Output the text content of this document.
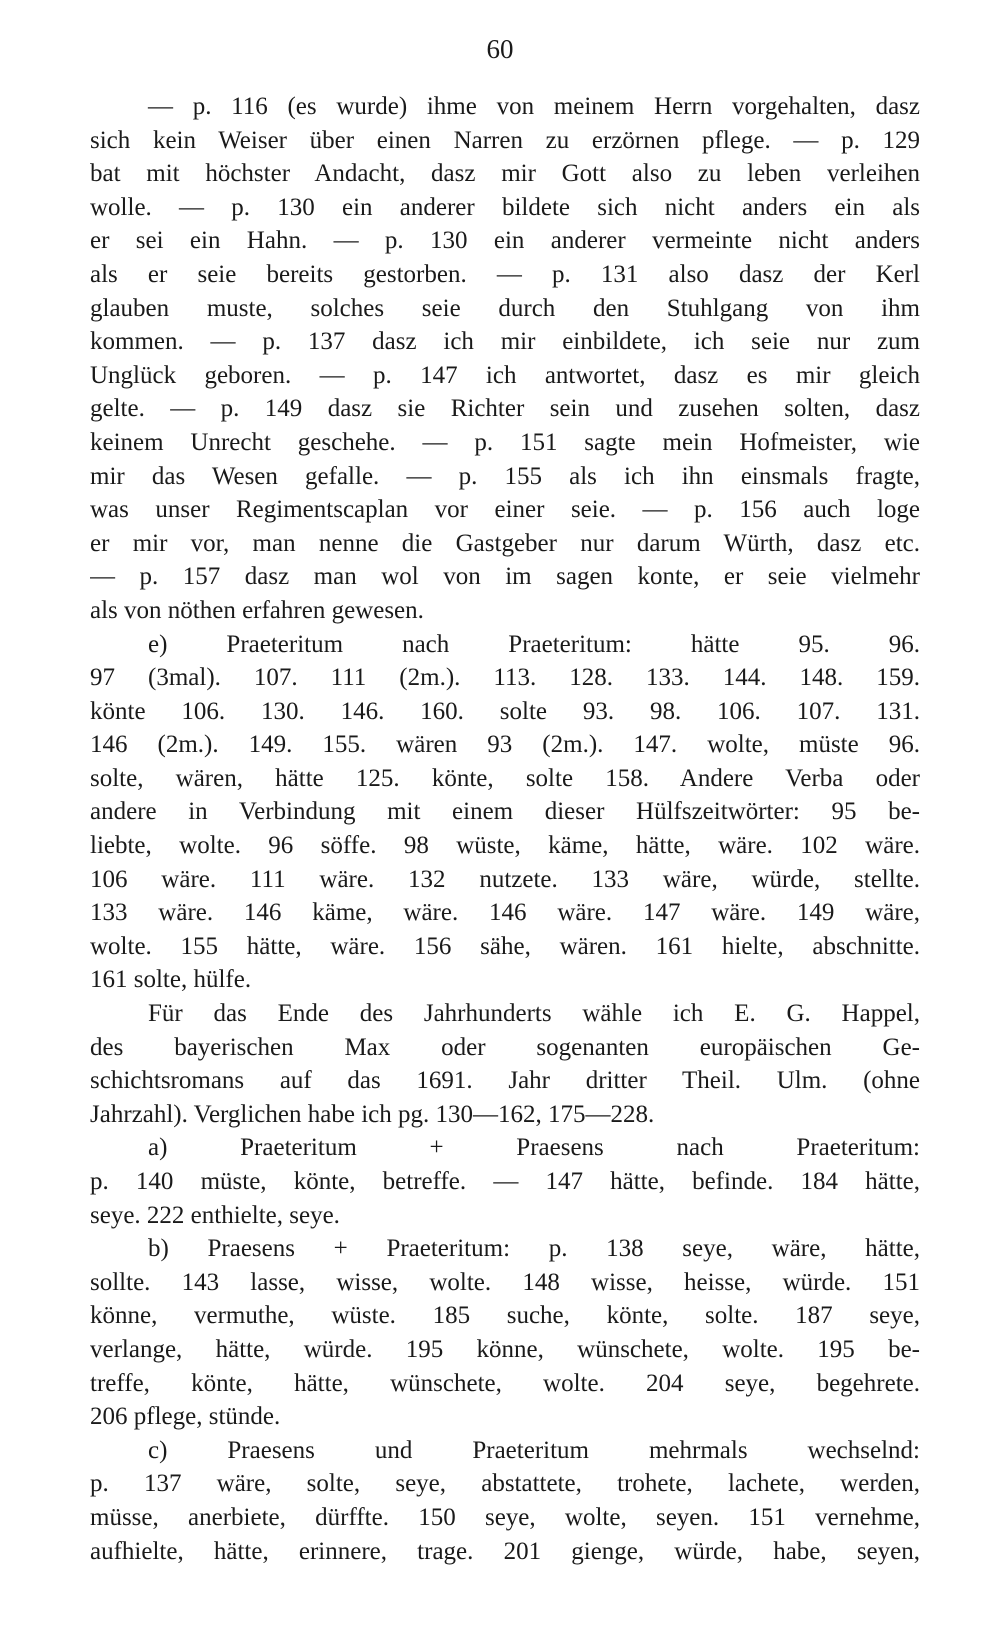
60
— p. 116 (es wurde) ihme von meinem Herrn vorgehalten, dasz
sich kein Weiser über einen Narren zu erzörnen pflege. — p. 129
bat mit höchster Andacht, dasz mir Gott also zu leben verleihen
wolle. — p. 130 ein anderer bildete sich nicht anders ein als
er sei ein Hahn. — p. 130 ein anderer vermeinte nicht anders
als er seie bereits gestorben. — p. 131 also dasz der Kerl
glauben muste, solches seie durch den Stuhlgang von ihm
kommen. — p. 137 dasz ich mir einbildete, ich seie nur zum
Unglück geboren. — p. 147 ich antwortet, dasz es mir gleich
gelte. — p. 149 dasz sie Richter sein und zusehen solten, dasz
keinem Unrecht geschehe. — p. 151 sagte mein Hofmeister, wie
mir das Wesen gefalle. — p. 155 als ich ihn einsmals fragte,
was unser Regimentscaplan vor einer seie. — p. 156 auch loge
er mir vor, man nenne die Gastgeber nur darum Würth, dasz etc.
— p. 157 dasz man wol von im sagen konte, er seie vielmehr
als von nöthen erfahren gewesen.
e) Praeteritum nach Praeteritum: hätte 95. 96.
97 (3mal). 107. 111 (2m.). 113. 128. 133. 144. 148. 159.
könte 106. 130. 146. 160. solte 93. 98. 106. 107. 131.
146 (2m.). 149. 155. wären 93 (2m.). 147. wolte, müste 96.
solte, wären, hätte 125. könte, solte 158. Andere Verba oder
andere in Verbindung mit einem dieser Hülfszeitwörter: 95 be-
liebte, wolte. 96 söffe. 98 wüste, käme, hätte, wäre. 102 wäre.
106 wäre. 111 wäre. 132 nutzete. 133 wäre, würde, stellte.
133 wäre. 146 käme, wäre. 146 wäre. 147 wäre. 149 wäre,
wolte. 155 hätte, wäre. 156 sähe, wären. 161 hielte, abschnitte.
161 solte, hülfe.
Für das Ende des Jahrhunderts wähle ich E. G. Happel,
des bayerischen Max oder sogenanten europäischen Ge-
schichtsromans auf das 1691. Jahr dritter Theil. Ulm. (ohne
Jahrzahl). Verglichen habe ich pg. 130—162, 175—228.
a) Praeteritum + Praesens nach Praeteritum:
p. 140 müste, könte, betreffe. — 147 hätte, befinde. 184 hätte,
seye. 222 enthielte, seye.
b) Praesens + Praeteritum: p. 138 seye, wäre, hätte,
sollte. 143 lasse, wisse, wolte. 148 wisse, heisse, würde. 151
könne, vermuthe, wüste. 185 suche, könte, solte. 187 seye,
verlange, hätte, würde. 195 könne, wünschete, wolte. 195 be-
treffe, könte, hätte, wünschete, wolte. 204 seye, begehrete.
206 pflege, stünde.
c) Praesens und Praeteritum mehrmals wechselnd:
p. 137 wäre, solte, seye, abstattete, trohete, lachete, werden,
müsse, anerbiete, dürffte. 150 seye, wolte, seyen. 151 vernehme,
aufhielte, hätte, erinnere, trage. 201 gienge, würde, habe, seyen,
